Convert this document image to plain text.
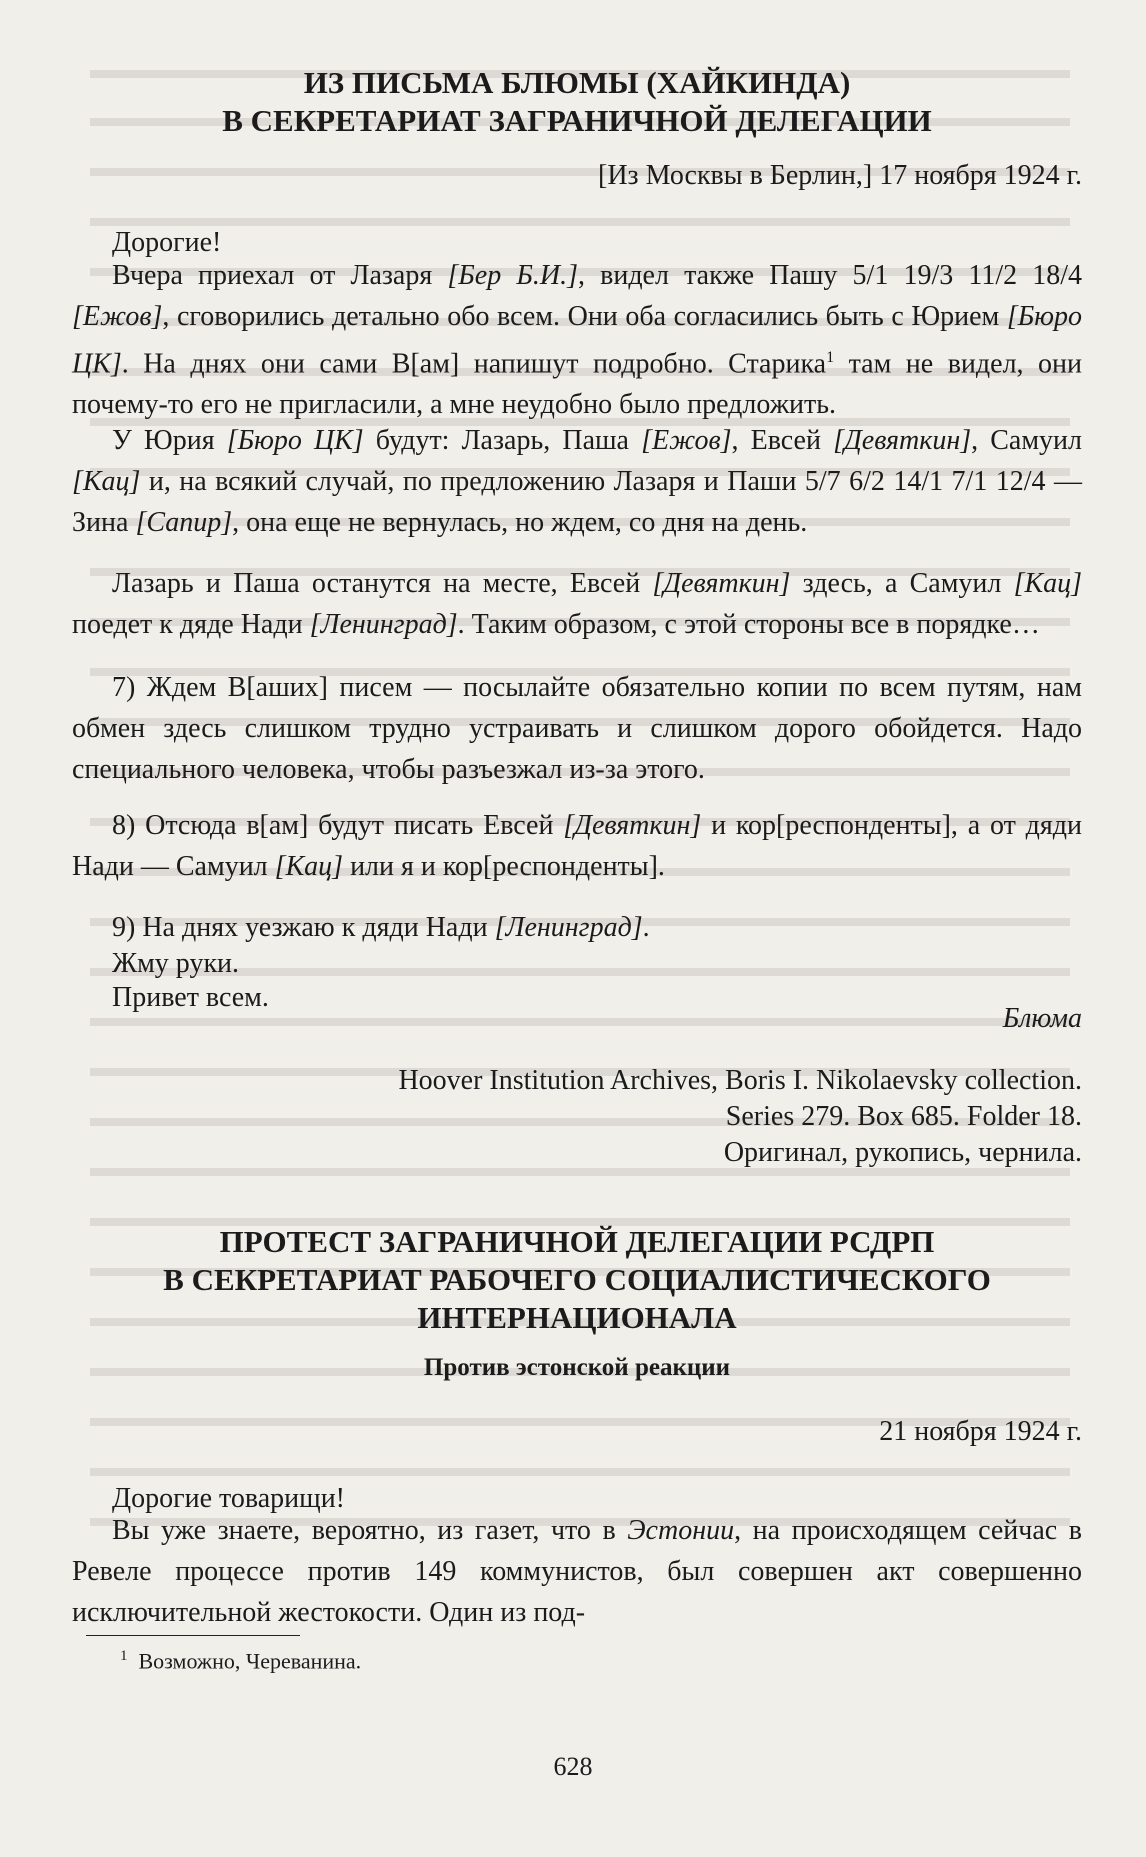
ИЗ ПИСЬМА БЛЮМЫ (ХАЙКИНДА)
В СЕКРЕТАРИАТ ЗАГРАНИЧНОЙ ДЕЛЕГАЦИИ
[Из Москвы в Берлин,] 17 ноября 1924 г.

Дорогие!

Вчера приехал от Лазаря [Бер Б.И.], видел также Пашу 5/1 19/3 11/2 18/4 [Ежов], сговорились детально обо всем. Они оба согласились быть с Юрием [Бюро ЦК]. На днях они сами В[ам] напишут подробно. Старика$^1$ там не видел, они почему-то его не пригласили, а мне неудобно было предложить.

У Юрия [Бюро ЦК] будут: Лазарь, Паша [Ежов], Евсей [Девяткин], Самуил [Кац] и, на всякий случай, по предложению Лазаря и Паши 5/7 6/2 14/1 7/1 12/4 — Зина [Сапир], она еще не вернулась, но ждем, со дня на день.

Лазарь и Паша останутся на месте, Евсей [Девяткин] здесь, а Самуил [Кац] поедет к дяде Нади [Ленинград]. Таким образом, с этой стороны все в порядке…

7) Ждем В[аших] писем — посылайте обязательно копии по всем путям, нам обмен здесь слишком трудно устраивать и слишком дорого обойдется. Надо специального человека, чтобы разъезжал из-за этого.

8) Отсюда в[ам] будут писать Евсей [Девяткин] и кор[респонденты], а от дяди Нади — Самуил [Кац] или я и кор[респонденты].

9) На днях уезжаю к дяди Нади [Ленинград].

Жму руки.

Привет всем.

Блюма
Hoover Institution Archives, Boris I. Nikolaevsky collection.
Series 279. Box 685. Folder 18.
Оригинал, рукопись, чернила.
ПРОТЕСТ ЗАГРАНИЧНОЙ ДЕЛЕГАЦИИ РСДРП
В СЕКРЕТАРИАТ РАБОЧЕГО СОЦИАЛИСТИЧЕСКОГО
ИНТЕРНАЦИОНАЛА
Против эстонской реакции
21 ноября 1924 г.

Дорогие товарищи!

Вы уже знаете, вероятно, из газет, что в Эстонии, на происходящем сейчас в Ревеле процессе против 149 коммунистов, был совершен акт совершенно исключительной жестокости. Один из под-

$^1$ Возможно, Череванина.
628
